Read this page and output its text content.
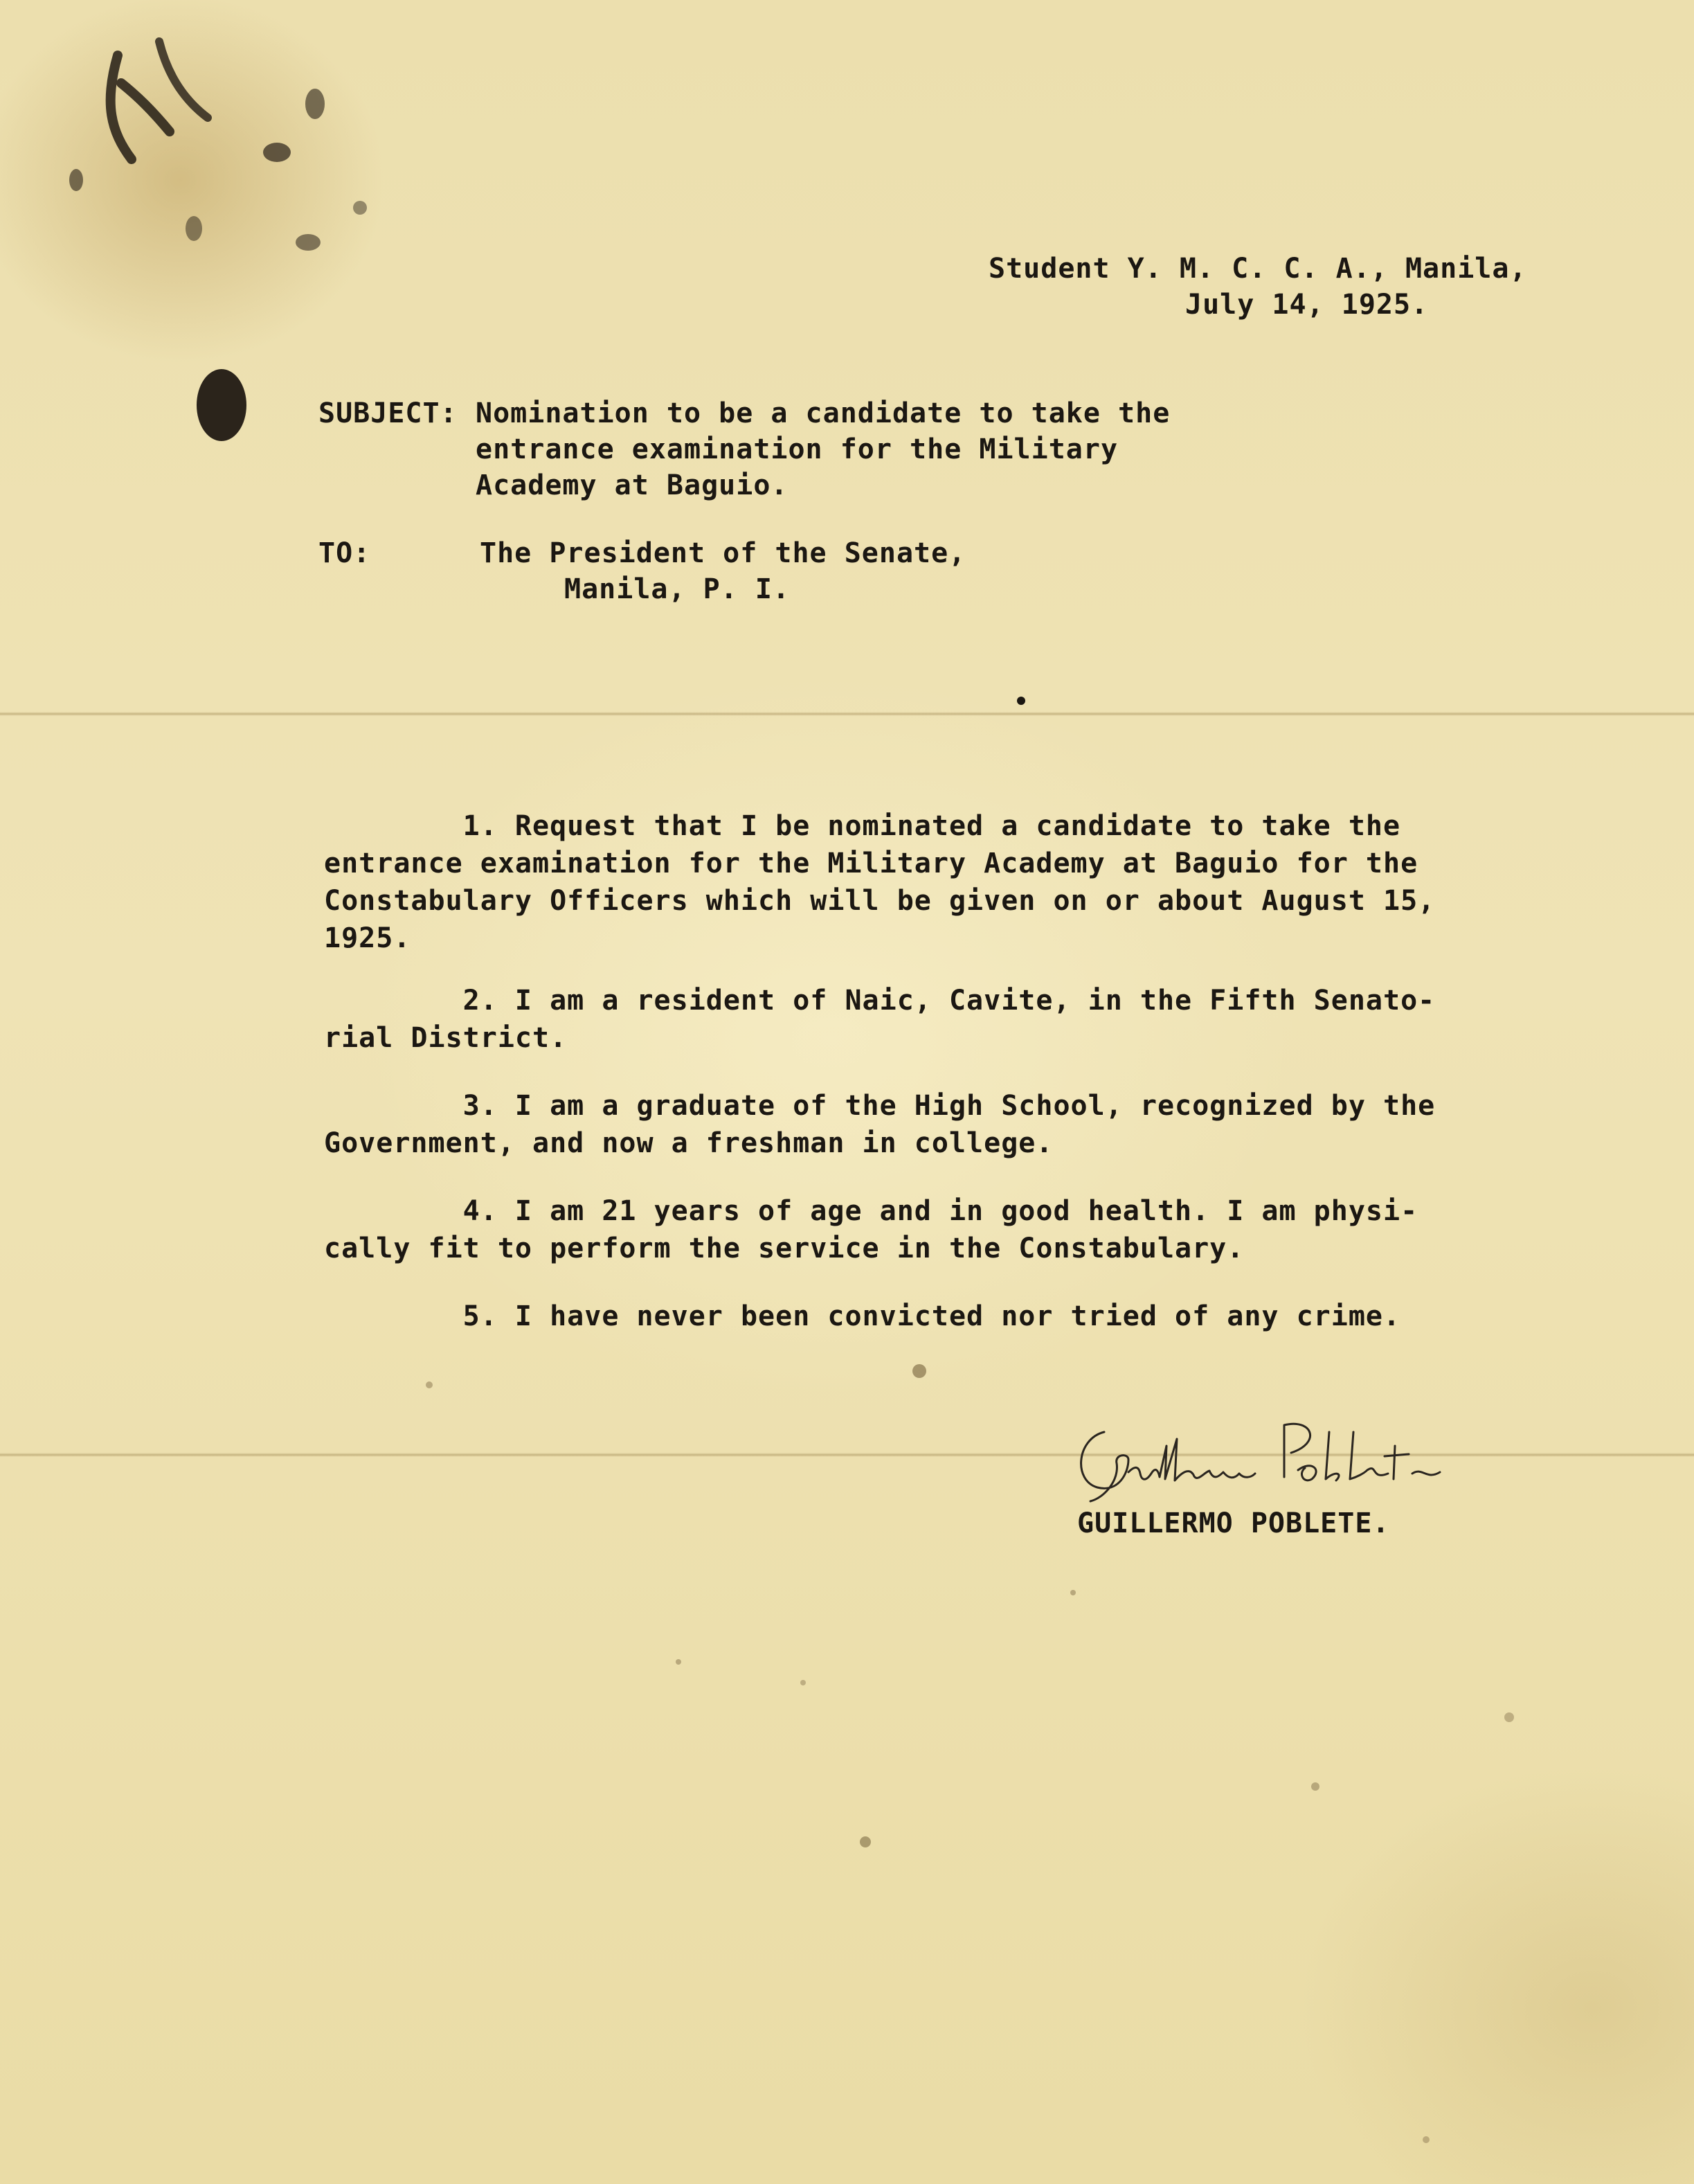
Student Y. M. C. C. A., Manila,
July 14, 1925.
SUBJECT: Nomination to be a candidate to take the
entrance examination for the Military
Academy at Baguio.
TO:	The President of the Senate,
Manila, P. I.
1. Request that I be nominated a candidate to take the
entrance examination for the Military Academy at Baguio for the
Constabulary Officers which will be given on or about August 15,
1925.
2. I am a resident of Naic, Cavite, in the Fifth Senato-
rial District.
3. I am a graduate of the High School, recognized by the
Government, and now a freshman in college.
4. I am 21 years of age and in good health. I am physi-
cally fit to perform the service in the Constabulary.
5. I have never been convicted nor tried of any crime.
GUILLERMO POBLETE.
